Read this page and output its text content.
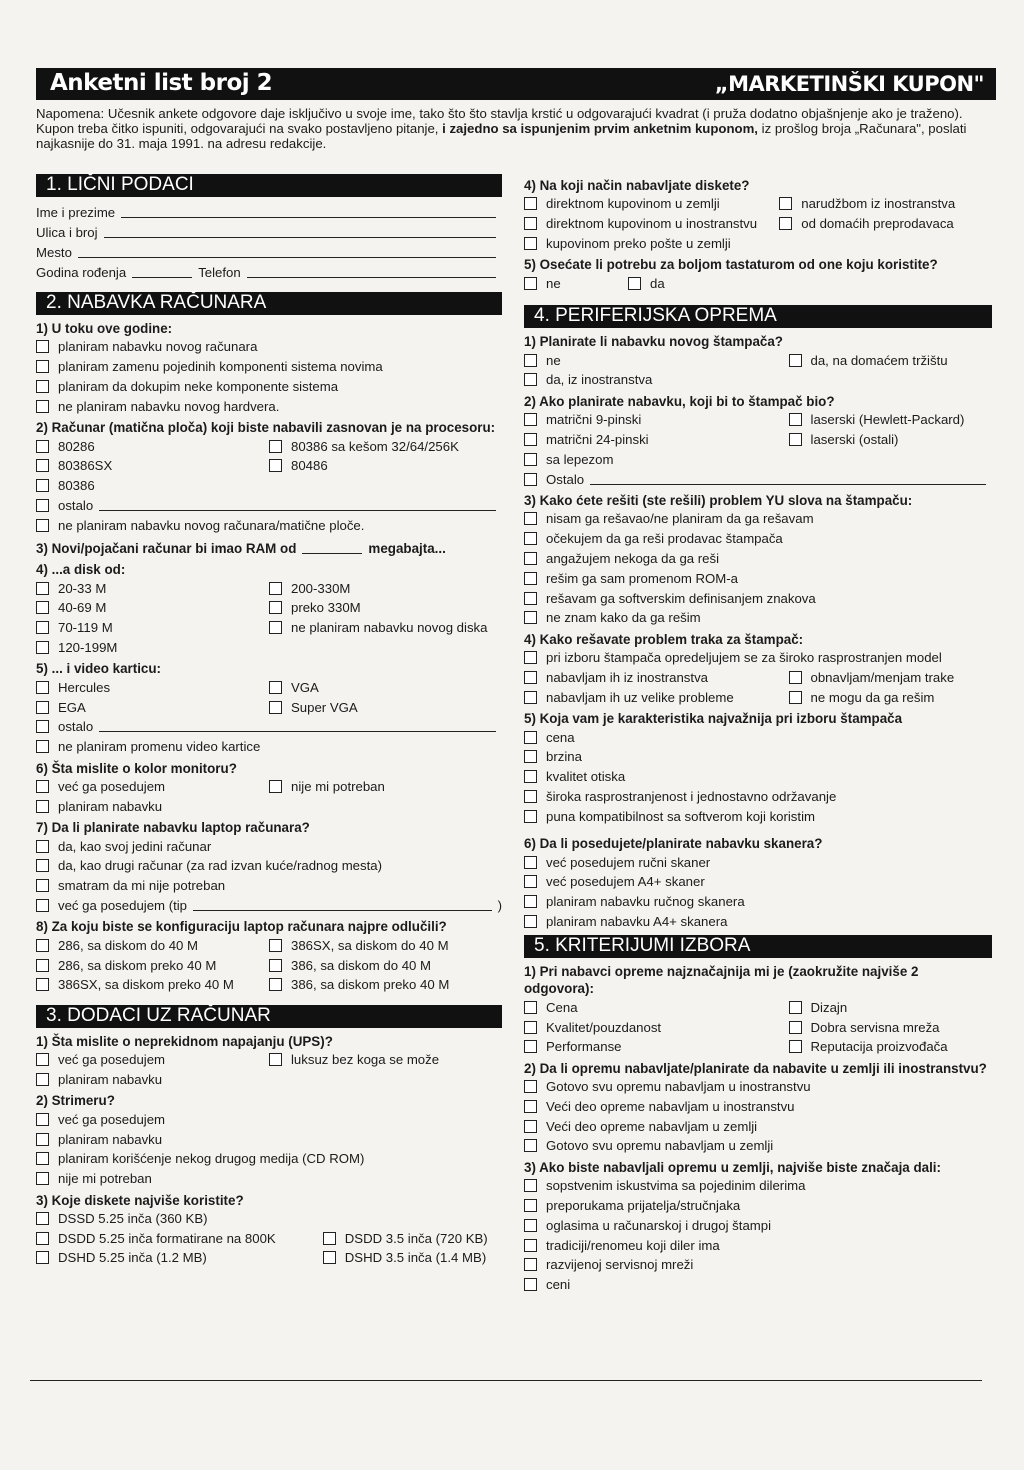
Anketni list broj 2	„MARKETINŠKI KUPON"
Napomena: Učesnik ankete odgovore daje isključivo u svoje ime, tako što što stavlja krstić u odgovarajući kvadrat (i pruža dodatno objašnjenje ako je traženo). Kupon treba čitko ispuniti, odgovarajući na svako postavljeno pitanje, i zajedno sa ispunjenim prvim anketnim kuponom, iz prošlog broja „Računara", poslati najkasnije do 31. maja 1991. na adresu redakcije.
1. LIČNI PODACI
Ime i prezime
Ulica i broj
Mesto
Godina rođenja	Telefon
2. NABAVKA RAČUNARA
1) U toku ove godine:
planiram nabavku novog računara
planiram zamenu pojedinih komponenti sistema novima
planiram da dokupim neke komponente sistema
ne planiram nabavku novog hardvera.
2) Računar (matična ploča) koji biste nabavili zasnovan je na procesoru:
80286	80386 sa kešom 32/64/256K
80386SX	80486
80386
ostalo
ne planiram nabavku novog računara/matične ploče.
3) Novi/pojačani računar bi imao RAM od	megabajta...
4) ...a disk od:
20-33 M	200-330M
40-69 M	preko 330M
70-119 M	ne planiram nabavku novog diska
120-199M
5) ... i video karticu:
Hercules	VGA
EGA	Super VGA
ostalo
ne planiram promenu video kartice
6) Šta mislite o kolor monitoru?
već ga posedujem	nije mi potreban
planiram nabavku
7) Da li planirate nabavku laptop računara?
da, kao svoj jedini računar
da, kao drugi računar (za rad izvan kuće/radnog mesta)
smatram da mi nije potreban
već ga posedujem (tip	)
8) Za koju biste se konfiguraciju laptop računara najpre odlučili?
286, sa diskom do 40 M	386SX, sa diskom do 40 M
286, sa diskom preko 40 M	386, sa diskom do 40 M
386SX, sa diskom preko 40 M	386, sa diskom preko 40 M
3. DODACI UZ RAČUNAR
1) Šta mislite o neprekidnom napajanju (UPS)?
već ga posedujem	luksuz bez koga se može
planiram nabavku
2) Strimeru?
već ga posedujem
planiram nabavku
planiram korišćenje nekog drugog medija (CD ROM)
nije mi potreban
3) Koje diskete najviše koristite?
DSSD 5.25 inča (360 KB)
DSDD 5.25 inča formatirane na 800K	DSDD 3.5 inča (720 KB)
DSHD 5.25 inča (1.2 MB)	DSHD 3.5 inča (1.4 MB)
4) Na koji način nabavljate diskete?
direktnom kupovinom u zemlji	narudžbom iz inostranstva
direktnom kupovinom u inostranstvu	od domaćih preprodavaca
kupovinom preko pošte u zemlji
5) Osećate li potrebu za boljom tastaturom od one koju koristite?
ne	da
4. PERIFERIJSKA OPREMA
1) Planirate li nabavku novog štampača?
ne	da, na domaćem tržištu
da, iz inostranstva
2) Ako planirate nabavku, koji bi to štampač bio?
matrični 9-pinski	laserski (Hewlett-Packard)
matrični 24-pinski	laserski (ostali)
sa lepezom
Ostalo
3) Kako ćete rešiti (ste rešili) problem YU slova na štampaču:
nisam ga rešavao/ne planiram da ga rešavam
očekujem da ga reši prodavac štampača
angažujem nekoga da ga reši
rešim ga sam promenom ROM-a
rešavam ga softverskim definisanjem znakova
ne znam kako da ga rešim
4) Kako rešavate problem traka za štampač:
pri izboru štampača opredeljujem se za široko rasprostranjen model
nabavljam ih iz inostranstva	obnavljam/menjam trake
nabavljam ih uz velike probleme	ne mogu da ga rešim
5) Koja vam je karakteristika najvažnija pri izboru štampača
cena
brzina
kvalitet otiska
široka rasprostranjenost i jednostavno održavanje
puna kompatibilnost sa softverom koji koristim
6) Da li posedujete/planirate nabavku skanera?
već posedujem ručni skaner
već posedujem A4+ skaner
planiram nabavku ručnog skanera
planiram nabavku A4+ skanera
5. KRITERIJUMI IZBORA
1) Pri nabavci opreme najznačajnija mi je (zaokružite najviše 2 odgovora):
Cena	Dizajn
Kvalitet/pouzdanost	Dobra servisna mreža
Performanse	Reputacija proizvođača
2) Da li opremu nabavljate/planirate da nabavite u zemlji ili inostranstvu?
Gotovo svu opremu nabavljam u inostranstvu
Veći deo opreme nabavljam u inostranstvu
Veći deo opreme nabavljam u zemlji
Gotovo svu opremu nabavljam u zemlji
3) Ako biste nabavljali opremu u zemlji, najviše biste značaja dali:
sopstvenim iskustvima sa pojedinim dilerima
preporukama prijatelja/stručnjaka
oglasima u računarskoj i drugoj štampi
tradiciji/renomeu koji diler ima
razvijenoj servisnoj mreži
ceni
